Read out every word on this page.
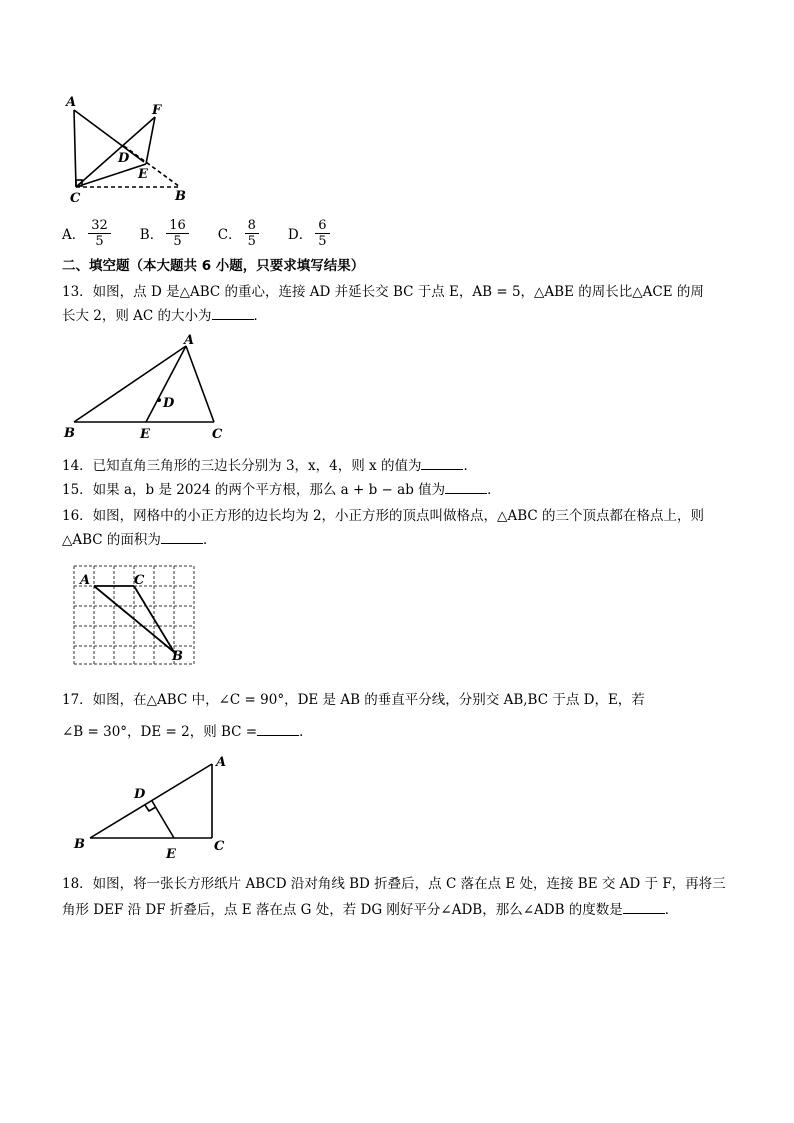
A
F
D
E
C	B
A． $\frac{32}{5}$ B． $\frac{16}{5}$ C． $\frac{8}{5}$ D． $\frac{6}{5}$
二、填空题（本大题共 6 小题，只要求填写结果）
13．如图，点 D 是△ABC 的重心，连接 AD 并延长交 BC 于点 E，AB = 5，△ABE 的周长比△ACE 的周
长大 2，则 AC 的大小为	．
A
D
B	E	C
14．已知直角三角形的三边长分别为 3，x，4，则 x 的值为	．
15．如果 a，b 是 2024 的两个平方根，那么 a + b − ab 值为	．
16．如图，网格中的小正方形的边长均为 2，小正方形的顶点叫做格点，△ABC 的三个顶点都在格点上，则
△ABC 的面积为	．
A	C
B
17．如图，在△ABC 中，∠C = 90°，DE 是 AB 的垂直平分线，分别交 AB,BC 于点 D，E，若
∠B = 30°，DE = 2，则 BC =	．
A
D
B
E
C
18．如图，将一张长方形纸片 ABCD 沿对角线 BD 折叠后，点 C 落在点 E 处，连接 BE 交 AD 于 F，再将三
角形 DEF 沿 DF 折叠后，点 E 落在点 G 处，若 DG 刚好平分∠ADB，那么∠ADB 的度数是	．
